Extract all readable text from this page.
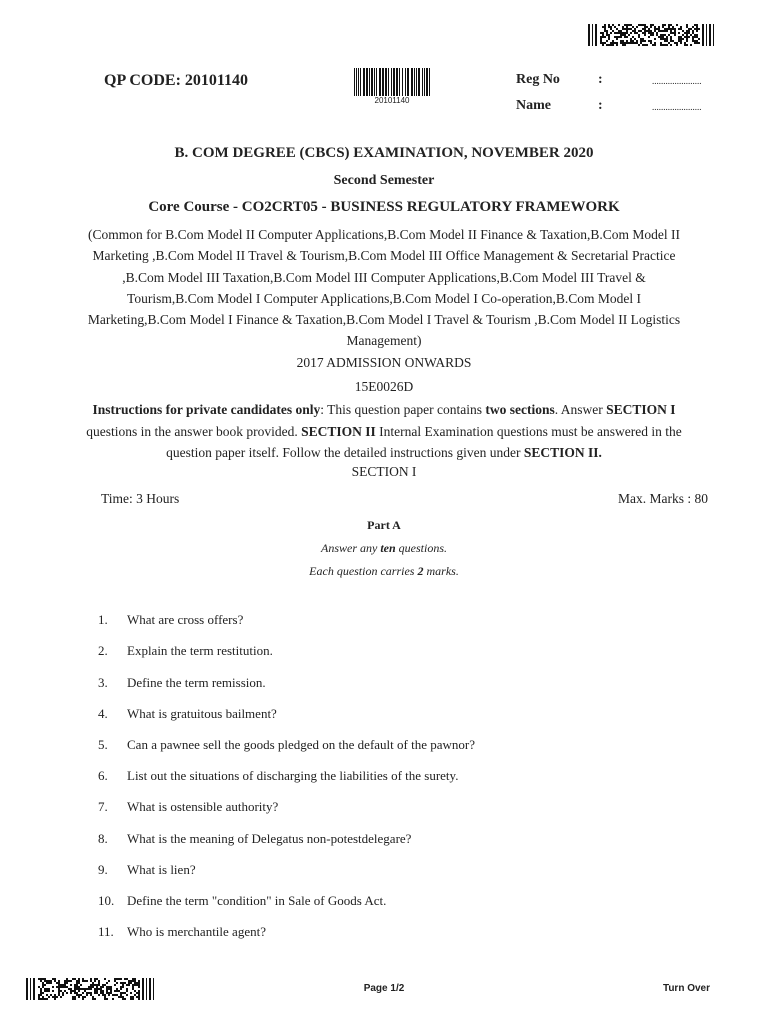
QP CODE: 20101140
20101140
Reg No	:	......................
Name	:	......................
B. COM DEGREE (CBCS) EXAMINATION, NOVEMBER 2020
Second Semester
Core Course - CO2CRT05 - BUSINESS REGULATORY FRAMEWORK
(Common for B.Com Model II Computer Applications,B.Com Model II Finance & Taxation,B.Com Model II
Marketing ,B.Com Model II Travel & Tourism,B.Com Model III Office Management & Secretarial Practice
,B.Com Model III Taxation,B.Com Model III Computer Applications,B.Com Model III Travel &
Tourism,B.Com Model I Computer Applications,B.Com Model I Co-operation,B.Com Model I
Marketing,B.Com Model I Finance & Taxation,B.Com Model I Travel & Tourism ,B.Com Model II Logistics
Management)
2017 ADMISSION ONWARDS
15E0026D
Instructions for private candidates only: This question paper contains two sections. Answer SECTION I
questions in the answer book provided. SECTION II Internal Examination questions must be answered in the
question paper itself. Follow the detailed instructions given under SECTION II.
SECTION I
Time: 3 Hours	Max. Marks : 80
Part A
Answer any ten questions.
Each question carries 2 marks.
1.	What are cross offers?
2.	Explain the term restitution.
3.	Define the term remission.
4.	What is gratuitous bailment?
5.	Can a pawnee sell the goods pledged on the default of the pawnor?
6.	List out the situations of discharging the liabilities of the surety.
7.	What is ostensible authority?
8.	What is the meaning of Delegatus non-potestdelegare?
9.	What is lien?
10. Define the term "condition" in Sale of Goods Act.
11.	Who is merchantile agent?
Page 1/2	Turn Over
